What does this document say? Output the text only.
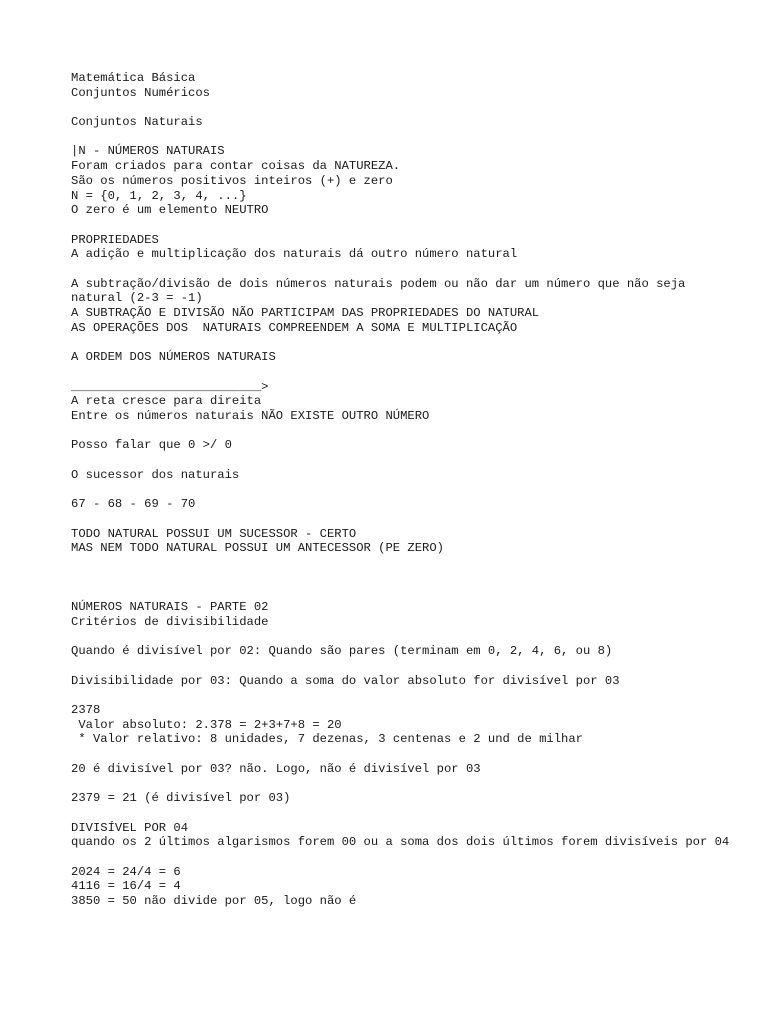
Matemática Básica
Conjuntos Numéricos
Conjuntos Naturais
|N - NÚMEROS NATURAIS
Foram criados para contar coisas da NATUREZA.
São os números positivos inteiros (+) e zero
N = {0, 1, 2, 3, 4, ...}
O zero é um elemento NEUTRO
PROPRIEDADES
A adição e multiplicação dos naturais dá outro número natural
A subtração/divisão de dois números naturais podem ou não dar um número que não seja natural (2-3 = -1)
A SUBTRAÇÃO E DIVISÃO NÃO PARTICIPAM DAS PROPRIEDADES DO NATURAL
AS OPERAÇÕES DOS  NATURAIS COMPREENDEM A SOMA E MULTIPLICAÇÃO
A ORDEM DOS NÚMEROS NATURAIS
__________________________>
A reta cresce para direita
Entre os números naturais NÃO EXISTE OUTRO NÚMERO
Posso falar que 0 >/ 0
O sucessor dos naturais
67 - 68 - 69 - 70
TODO NATURAL POSSUI UM SUCESSOR - CERTO
MAS NEM TODO NATURAL POSSUI UM ANTECESSOR (PE ZERO)
NÚMEROS NATURAIS - PARTE 02
Critérios de divisibilidade
Quando é divisível por 02: Quando são pares (terminam em 0, 2, 4, 6, ou 8)
Divisibilidade por 03: Quando a soma do valor absoluto for divisível por 03
2378
Valor absoluto: 2.378 = 2+3+7+8 = 20
* Valor relativo: 8 unidades, 7 dezenas, 3 centenas e 2 und de milhar
20 é divisível por 03? não. Logo, não é divisível por 03
2379 = 21 (é divisível por 03)
DIVISÍVEL POR 04
quando os 2 últimos algarismos forem 00 ou a soma dos dois últimos forem divisíveis por 04
2024 = 24/4 = 6
4116 = 16/4 = 4
3850 = 50 não divide por 05, logo não é
